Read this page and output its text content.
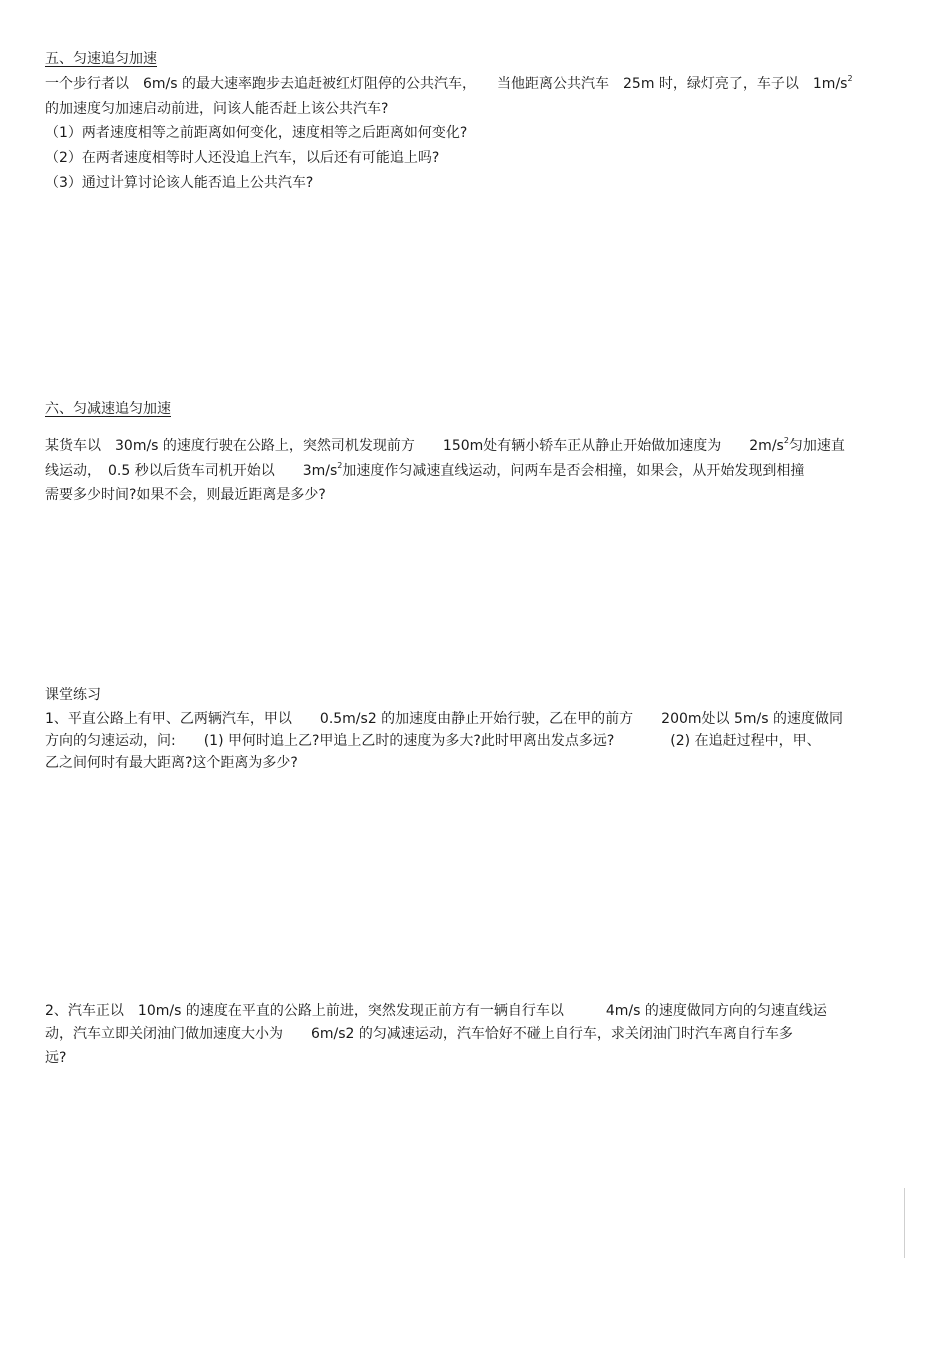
五、匀速追匀加速
一个步行者以　6m/s 的最大速率跑步去追赶被红灯阻停的公共汽车，　　当他距离公共汽车　25m 时，绿灯亮了，车子以　$1m/s^2$
的加速度匀加速启动前进，问该人能否赶上该公共汽车?
（1）两者速度相等之前距离如何变化，速度相等之后距离如何变化?
（2）在两者速度相等时人还没追上汽车，以后还有可能追上吗?
（3）通过计算讨论该人能否追上公共汽车?
六、匀减速追匀加速
某货车以　30m/s 的速度行驶在公路上，突然司机发现前方　　150m处有辆小轿车正从静止开始做加速度为　　$2m/s^2$匀加速直
线运动，　0.5 秒以后货车司机开始以　　$3m/s^2$加速度作匀减速直线运动，问两车是否会相撞，如果会，从开始发现到相撞
需要多少时间?如果不会，则最近距离是多少?
课堂练习
1、平直公路上有甲、乙两辆汽车，甲以　　0.5m/s2 的加速度由静止开始行驶，乙在甲的前方　　200m处以 5m/s 的速度做同
方向的匀速运动，问:　　(1) 甲何时追上乙?甲追上乙时的速度为多大?此时甲离出发点多远?　　　　(2) 在追赶过程中，甲、
乙之间何时有最大距离?这个距离为多少?
2、汽车正以　10m/s 的速度在平直的公路上前进，突然发现正前方有一辆自行车以　　　4m/s 的速度做同方向的匀速直线运
动，汽车立即关闭油门做加速度大小为　　6m/s2 的匀减速运动，汽车恰好不碰上自行车，求关闭油门时汽车离自行车多
远?
